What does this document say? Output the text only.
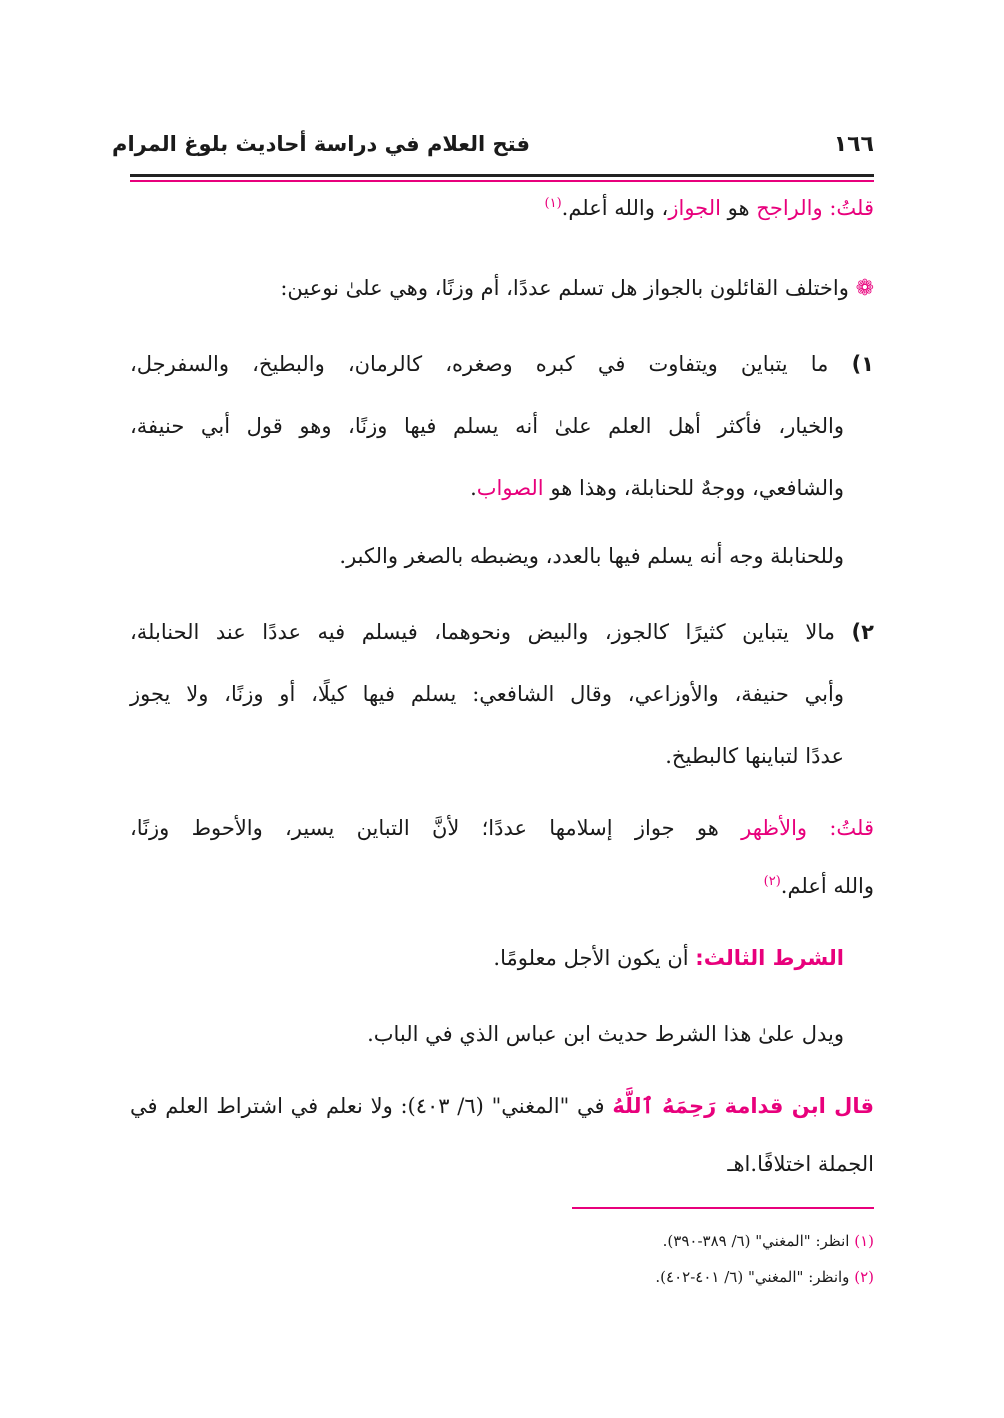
فتح العلام في دراسة أحاديث بلوغ المرام	١٦٦
قلتُ: والراجح هو الجواز، والله أعلم.$^{(١)}$
❁ واختلف القائلون بالجواز هل تسلم عددًا، أم وزنًا، وهي علىٰ نوعين:
١) ما يتباين ويتفاوت في كبره وصغره، كالرمان، والبطيخ، والسفرجل،
والخيار، فأكثر أهل العلم علىٰ أنه يسلم فيها وزنًا، وهو قول أبي حنيفة،
والشافعي، ووجهٌ للحنابلة، وهذا هو الصواب.
وللحنابلة وجه أنه يسلم فيها بالعدد، ويضبطه بالصغر والكبر.
٢) مالا يتباين كثيرًا كالجوز، والبيض ونحوهما، فيسلم فيه عددًا عند الحنابلة،
وأبي حنيفة، والأوزاعي، وقال الشافعي: يسلم فيها كيلًا، أو وزنًا، ولا يجوز
عددًا لتباينها كالبطيخ.
قلتُ: والأظهر هو جواز إسلامها عددًا؛ لأنَّ التباين يسير، والأحوط وزنًا،
والله أعلم.$^{(٢)}$
الشرط الثالث: أن يكون الأجل معلومًا.
ويدل علىٰ هذا الشرط حديث ابن عباس الذي في الباب.
قال ابن قدامة رَحِمَهُ ٱللَّهُ في "المغني" (٦/ ٤٠٣): ولا نعلم في اشتراط العلم في
الجملة اختلافًا.اهـ
(١) انظر: "المغني" (٦/ ٣٨٩-٣٩٠).
(٢) وانظر: "المغني" (٦/ ٤٠١-٤٠٢).
